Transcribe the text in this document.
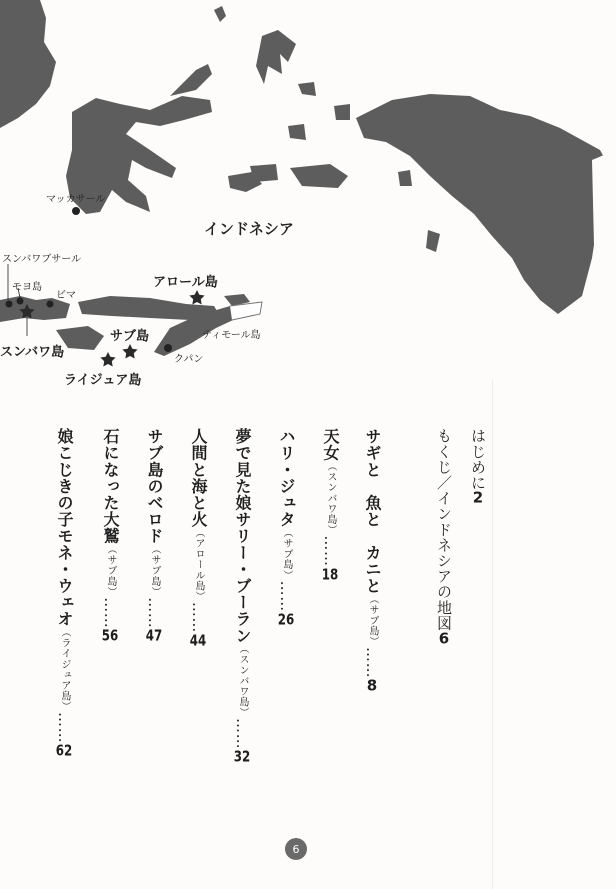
マッカサール
インドネシア
スンバワブサール
モヨ島
ビマ
アロール島
ティモール島
スンバワ島
サブ島
クパン
ライジュア島
はじめに2
もくじ／インドネシアの地図6
サギと　魚と　カニと（サブ島）……8
天女（スンバワ島）……18
ハリ・ジュタ（サブ島）……26
夢で見た娘サリー・ブーラン（スンバワ島）……32
人間と海と火（アロール島）……44
サブ島のベロド（サブ島）……47
石になった大鷲（サブ島）……56
娘こじきの子モネ・ウェオ（ライジュア島）……62
6
